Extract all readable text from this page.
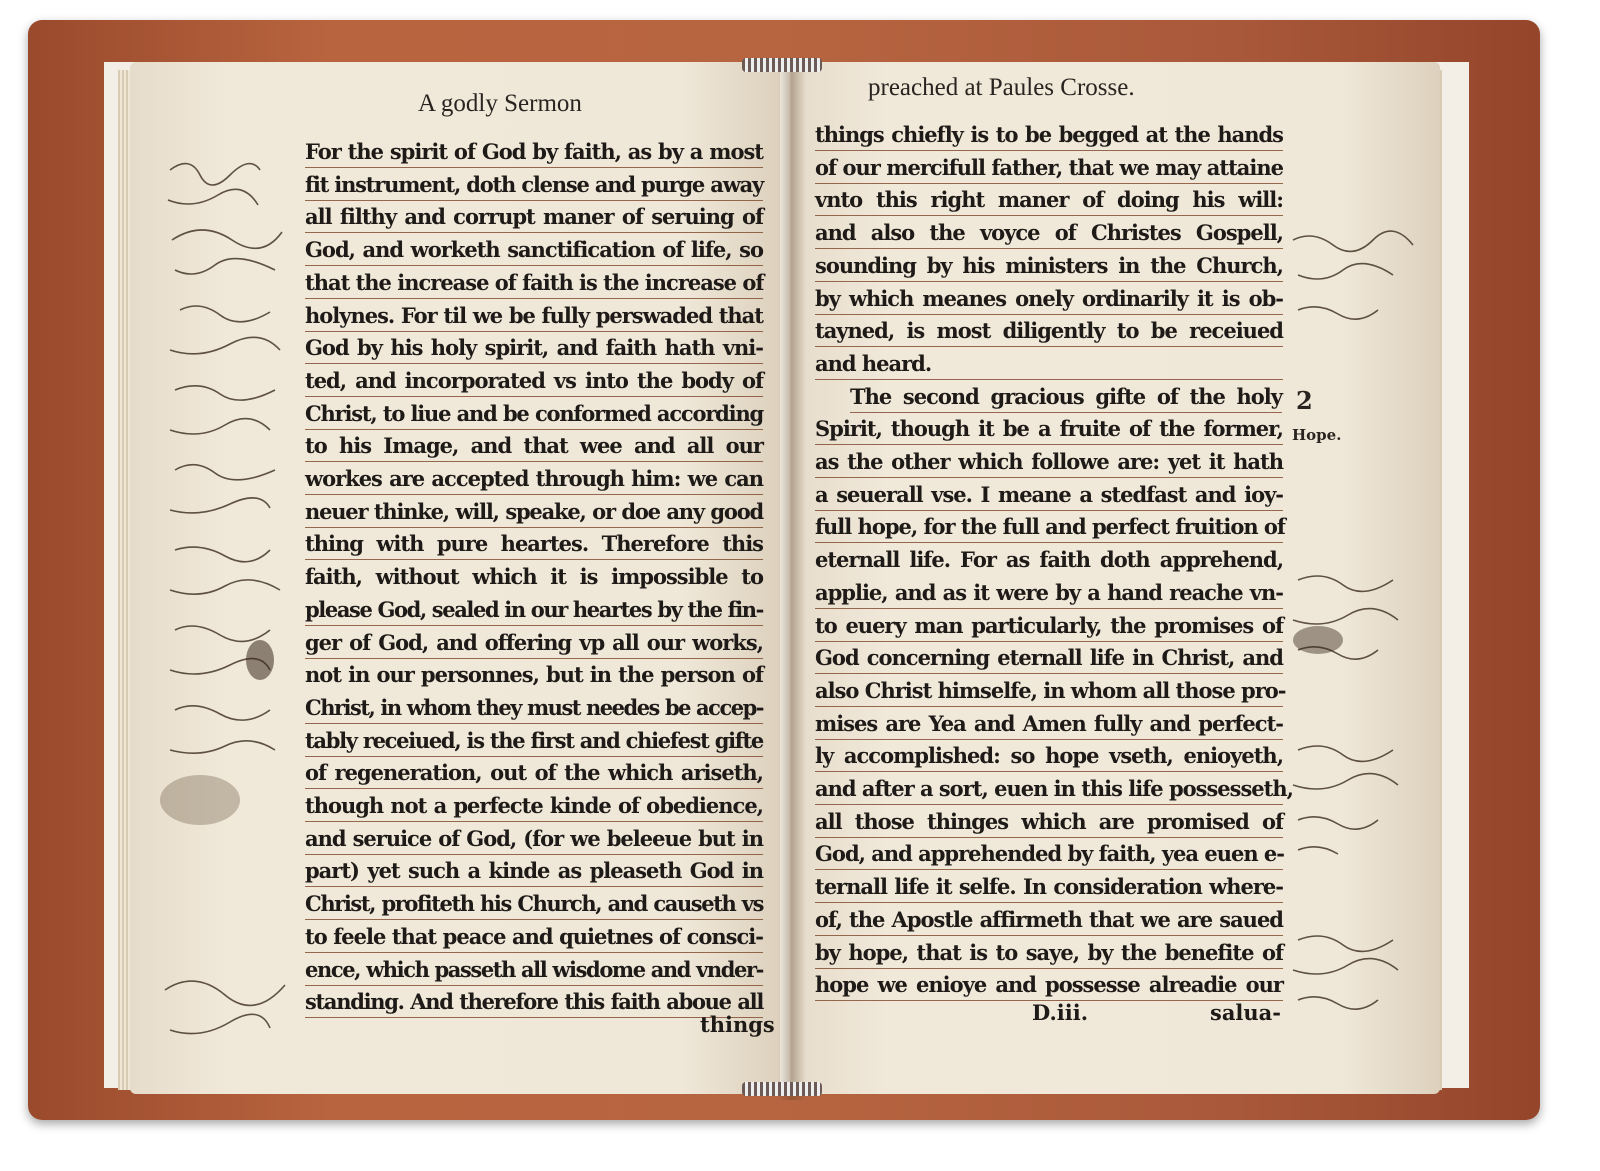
A godly Sermon
preached at Paules Crosse.
For the spirit of God by faith, as by a most
fit instrument, doth clense and purge away
all filthy and corrupt maner of seruing of
God, and worketh sanctification of life, so
that the increase of faith is the increase of
holynes. For til we be fully perswaded that
God by his holy spirit, and faith hath vni-
ted, and incorporated vs into the body of
Christ, to liue and be conformed according
to his Image, and that wee and all our
workes are accepted through him: we can
neuer thinke, will, speake, or doe any good
thing with pure heartes. Therefore this
faith, without which it is impossible to
please God, sealed in our heartes by the fin-
ger of God, and offering vp all our works,
not in our personnes, but in the person of
Christ, in whom they must needes be accep-
tably receiued, is the first and chiefest gifte
of regeneration, out of the which ariseth,
though not a perfecte kinde of obedience,
and seruice of God, (for we beleeue but in
part) yet such a kinde as pleaseth God in
Christ, profiteth his Church, and causeth vs
to feele that peace and quietnes of consci-
ence, which passeth all wisdome and vnder-
standing. And therefore this faith aboue all
things chiefly is to be begged at the hands
of our mercifull father, that we may attaine
vnto this right maner of doing his will:
and also the voyce of Christes Gospell,
sounding by his ministers in the Church,
by which meanes onely ordinarily it is ob-
tayned, is most diligently to be receiued
and heard.
The second gracious gifte of the holy
Spirit, though it be a fruite of the former,
as the other which followe are: yet it hath
a seuerall vse. I meane a stedfast and ioy-
full hope, for the full and perfect fruition of
eternall life. For as faith doth apprehend,
applie, and as it were by a hand reache vn-
to euery man particularly, the promises of
God concerning eternall life in Christ, and
also Christ himselfe, in whom all those pro-
mises are Yea and Amen fully and perfect-
ly accomplished: so hope vseth, enioyeth,
and after a sort, euen in this life possesseth,
all those thinges which are promised of
God, and apprehended by faith, yea euen e-
ternall life it selfe. In consideration where-
of, the Apostle affirmeth that we are saued
by hope, that is to saye, by the benefite of
hope we enioye and possesse alreadie our
things	D.iii.	salua-
2
Hope.
